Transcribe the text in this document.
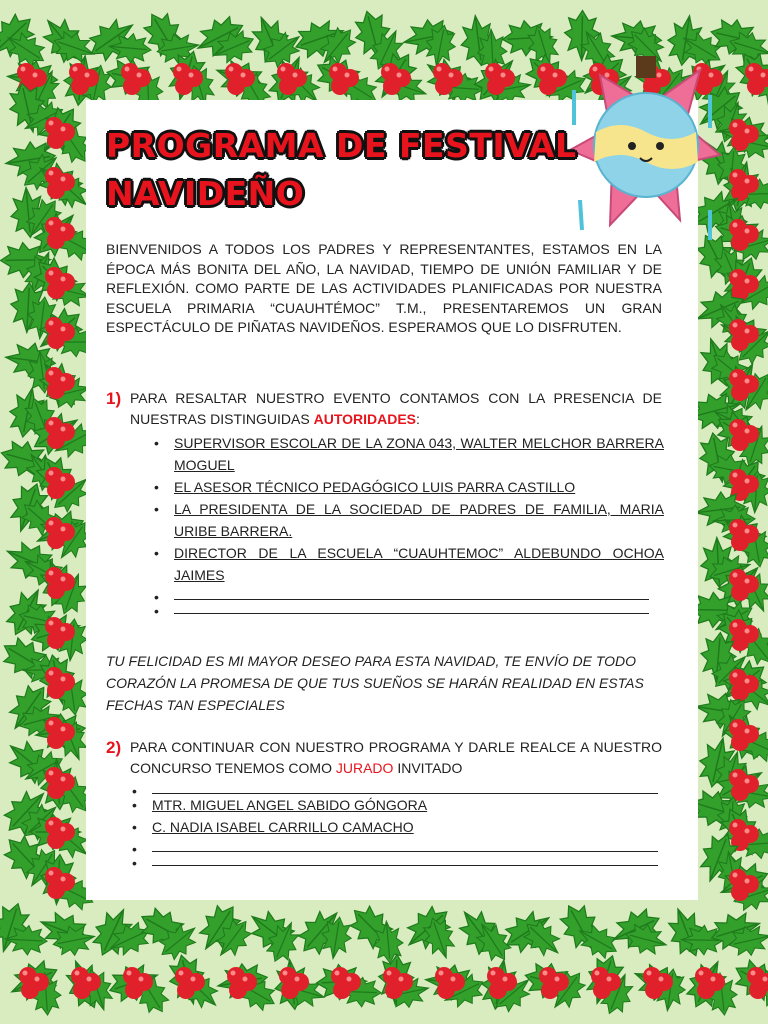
PROGRAMA DE FESTIVAL
NAVIDEÑO
BIENVENIDOS A TODOS LOS PADRES Y REPRESENTANTES, ESTAMOS EN LA ÉPOCA MÁS BONITA DEL AÑO, LA NAVIDAD, TIEMPO DE UNIÓN FAMILIAR Y DE REFLEXIÓN. COMO PARTE DE LAS ACTIVIDADES PLANIFICADAS POR NUESTRA ESCUELA PRIMARIA “CUAUHTÉMOC” T.M., PRESENTAREMOS UN GRAN ESPECTÁCULO DE PIÑATAS NAVIDEÑOS. ESPERAMOS QUE LO DISFRUTEN.
1) PARA RESALTAR NUESTRO EVENTO CONTAMOS CON LA PRESENCIA DE NUESTRAS DISTINGUIDAS AUTORIDADES:
• SUPERVISOR ESCOLAR DE LA ZONA 043, WALTER MELCHOR BARRERA MOGUEL
• EL ASESOR TÉCNICO PEDAGÓGICO LUIS PARRA CASTILLO
• LA PRESIDENTA DE LA SOCIEDAD DE PADRES DE FAMILIA, MARIA URIBE BARRERA.
• DIRECTOR DE LA ESCUELA “CUAUHTEMOC” ALDEBUNDO OCHOA JAIMES
•
•
TU FELICIDAD ES MI MAYOR DESEO PARA ESTA NAVIDAD, TE ENVÍO DE TODO CORAZÓN LA PROMESA DE QUE TUS SUEÑOS SE HARÁN REALIDAD EN ESTAS FECHAS TAN ESPECIALES
2) PARA CONTINUAR CON NUESTRO PROGRAMA Y DARLE REALCE A NUESTRO CONCURSO TENEMOS COMO JURADO INVITADO
•
• MTR. MIGUEL ANGEL SABIDO GÓNGORA
• C. NADIA ISABEL CARRILLO CAMACHO
•
•
